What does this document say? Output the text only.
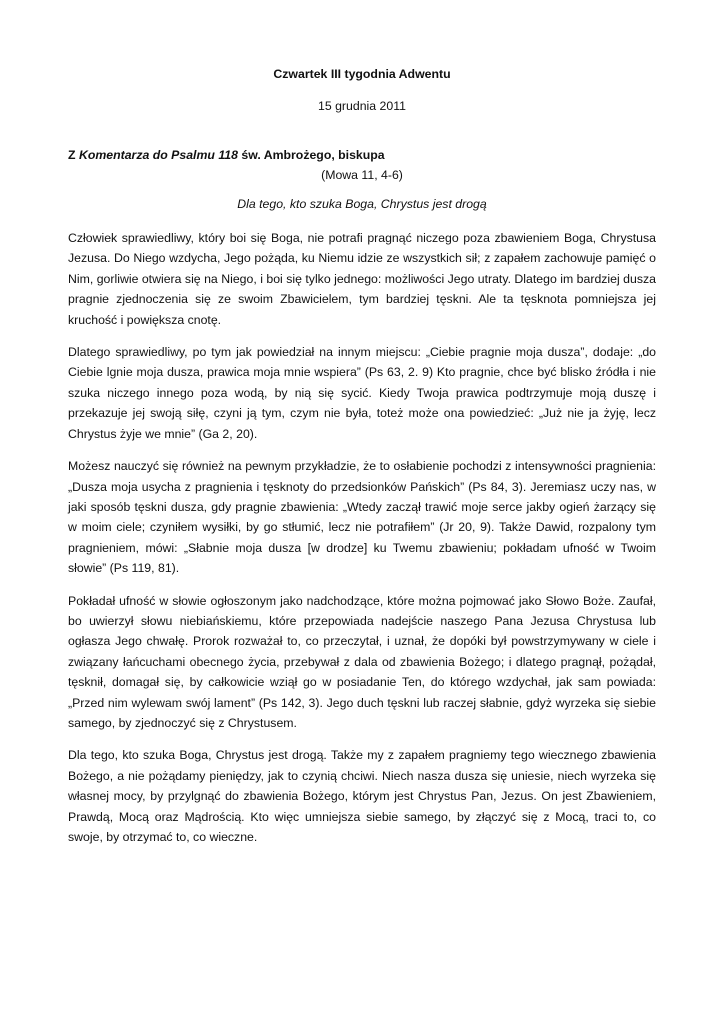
Czwartek III tygodnia Adwentu

15 grudnia 2011

Z Komentarza do Psalmu 118 św. Ambrożego, biskupa

(Mowa 11, 4-6)

Dla tego, kto szuka Boga, Chrystus jest drogą

Człowiek sprawiedliwy, który boi się Boga, nie potrafi pragnąć niczego poza zbawieniem Boga, Chrystusa Jezusa. Do Niego wzdycha, Jego pożąda, ku Niemu idzie ze wszystkich sił; z zapałem zachowuje pamięć o Nim, gorliwie otwiera się na Niego, i boi się tylko jednego: możliwości Jego utraty. Dlatego im bardziej dusza pragnie zjednoczenia się ze swoim Zbawicielem, tym bardziej tęskni. Ale ta tęsknota pomniejsza jej kruchość i powiększa cnotę.

Dlatego sprawiedliwy, po tym jak powiedział na innym miejscu: „Ciebie pragnie moja dusza”, dodaje: „do Ciebie lgnie moja dusza, prawica moja mnie wspiera” (Ps 63, 2. 9) Kto pragnie, chce być blisko źródła i nie szuka niczego innego poza wodą, by nią się sycić. Kiedy Twoja prawica podtrzymuje moją duszę i przekazuje jej swoją siłę, czyni ją tym, czym nie była, toteż może ona powiedzieć: „Już nie ja żyję, lecz Chrystus żyje we mnie” (Ga 2, 20).

Możesz nauczyć się również na pewnym przykładzie, że to osłabienie pochodzi z intensywności pragnienia: „Dusza moja usycha z pragnienia i tęsknoty do przedsionków Pańskich” (Ps 84, 3). Jeremiasz uczy nas, w jaki sposób tęskni dusza, gdy pragnie zbawienia: „Wtedy zaczął trawić moje serce jakby ogień żarzący się w moim ciele; czyniłem wysiłki, by go stłumić, lecz nie potrafiłem” (Jr 20, 9). Także Dawid, rozpalony tym pragnieniem, mówi: „Słabnie moja dusza [w drodze] ku Twemu zbawieniu; pokładam ufność w Twoim słowie” (Ps 119, 81).

Pokładał ufność w słowie ogłoszonym jako nadchodzące, które można pojmować jako Słowo Boże. Zaufał, bo uwierzył słowu niebiańskiemu, które przepowiada nadejście naszego Pana Jezusa Chrystusa lub ogłasza Jego chwałę. Prorok rozważał to, co przeczytał, i uznał, że dopóki był powstrzymywany w ciele i związany łańcuchami obecnego życia, przebywał z dala od zbawienia Bożego; i dlatego pragnął, pożądał, tęsknił, domagał się, by całkowicie wziął go w posiadanie Ten, do którego wzdychał, jak sam powiada: „Przed nim wylewam swój lament” (Ps 142, 3). Jego duch tęskni lub raczej słabnie, gdyż wyrzeka się siebie samego, by zjednoczyć się z Chrystusem.

Dla tego, kto szuka Boga, Chrystus jest drogą. Także my z zapałem pragniemy tego wiecznego zbawienia Bożego, a nie pożądamy pieniędzy, jak to czynią chciwi. Niech nasza dusza się uniesie, niech wyrzeka się własnej mocy, by przylgnąć do zbawienia Bożego, którym jest Chrystus Pan, Jezus. On jest Zbawieniem, Prawdą, Mocą oraz Mądrością. Kto więc umniejsza siebie samego, by złączyć się z Mocą, traci to, co swoje, by otrzymać to, co wieczne.
